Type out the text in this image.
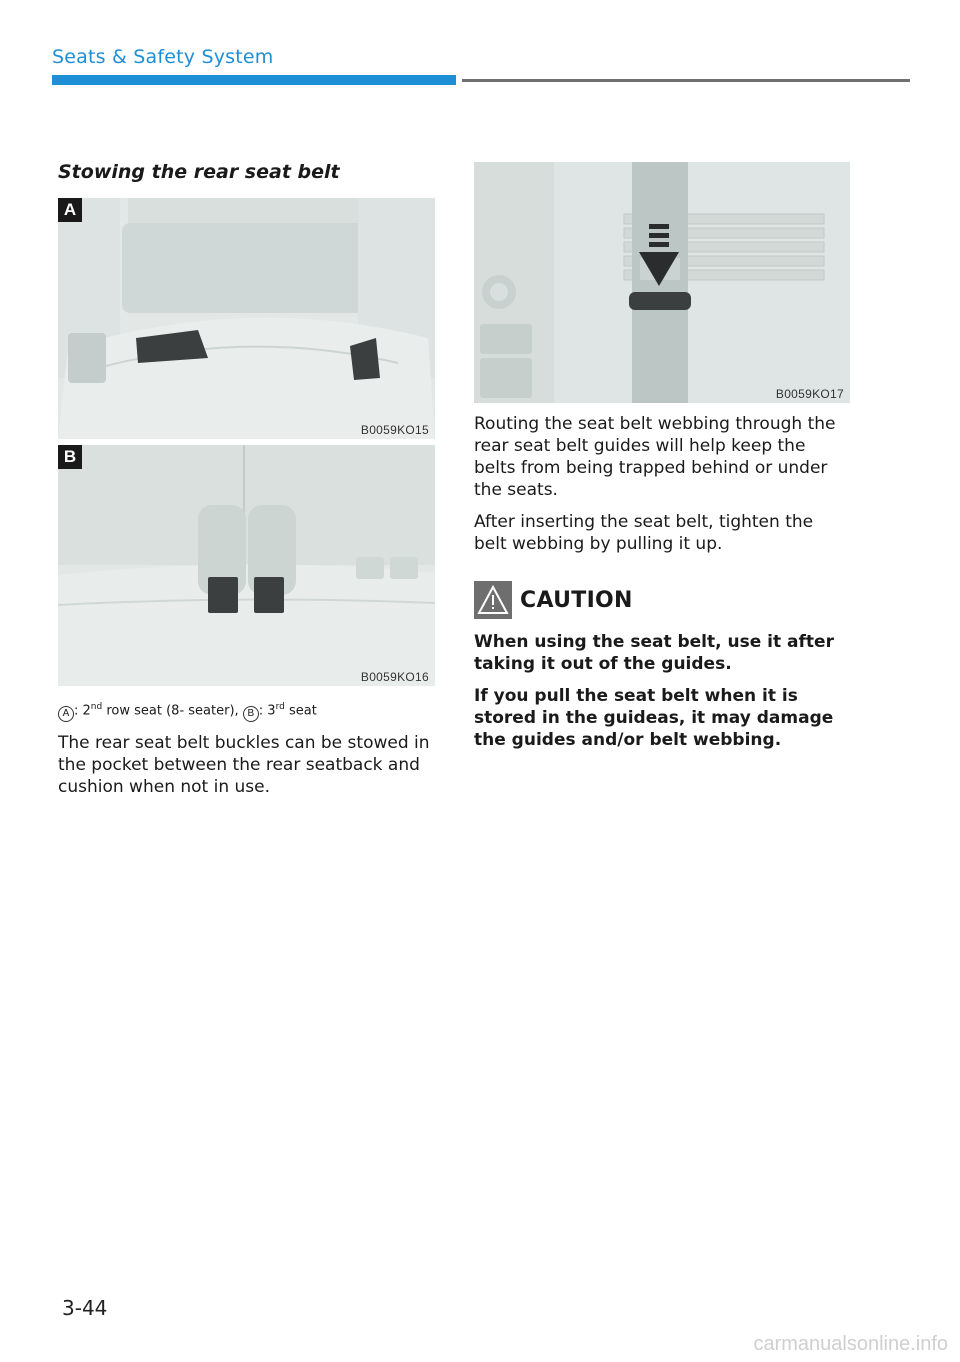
Seats & Safety System
Stowing the rear seat belt
A
B0059KO15
B
B0059KO16
A : 2nd row seat (8- seater), B : 3rd seat

The rear seat belt buckles can be stowed in the pocket between the rear seatback and cushion when not in use.

B0059KO17

Routing the seat belt webbing through the rear seat belt guides will help keep the belts from being trapped behind or under the seats.

After inserting the seat belt, tighten the belt webbing by pulling it up.

CAUTION

When using the seat belt, use it after taking it out of the guides.

If you pull the seat belt when it is stored in the guideas, it may damage the guides and/or belt webbing.

3-44
carmanualsonline.info
